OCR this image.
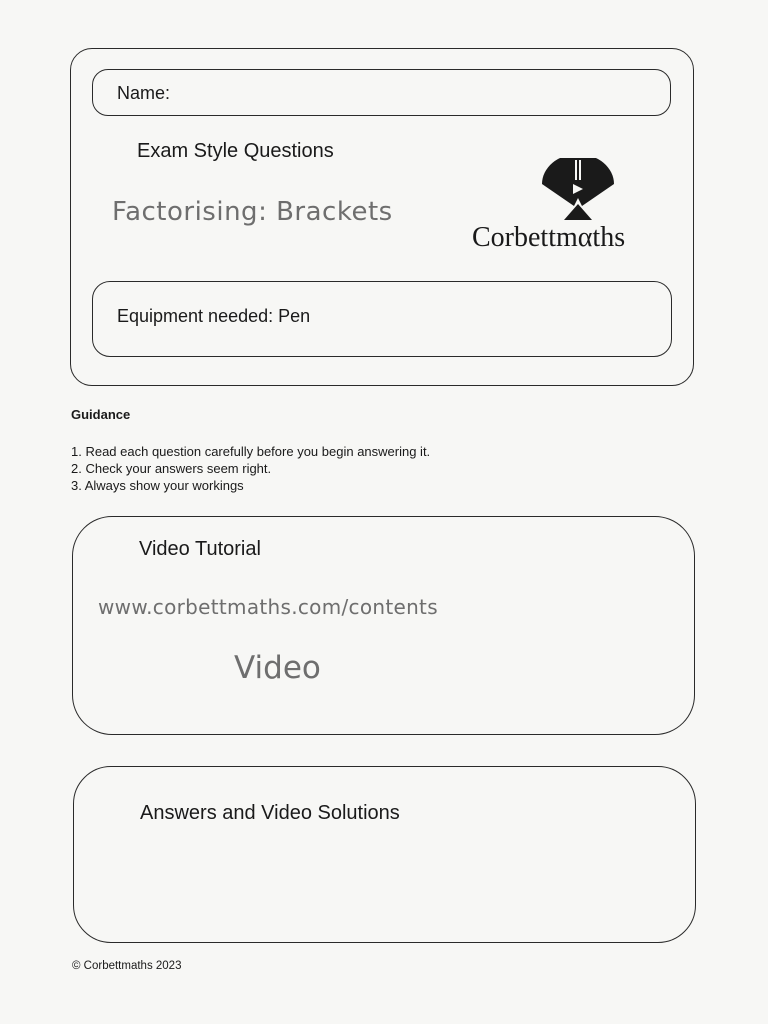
Name:
Exam Style Questions
Factorising: Brackets
Corbettmαths
Equipment needed: Pen
Guidance
1. Read each question carefully before you begin answering it.
2. Check your answers seem right.
3. Always show your workings
Video Tutorial
www.corbettmaths.com/contents
Video
Answers and Video Solutions
© Corbettmaths 2023
